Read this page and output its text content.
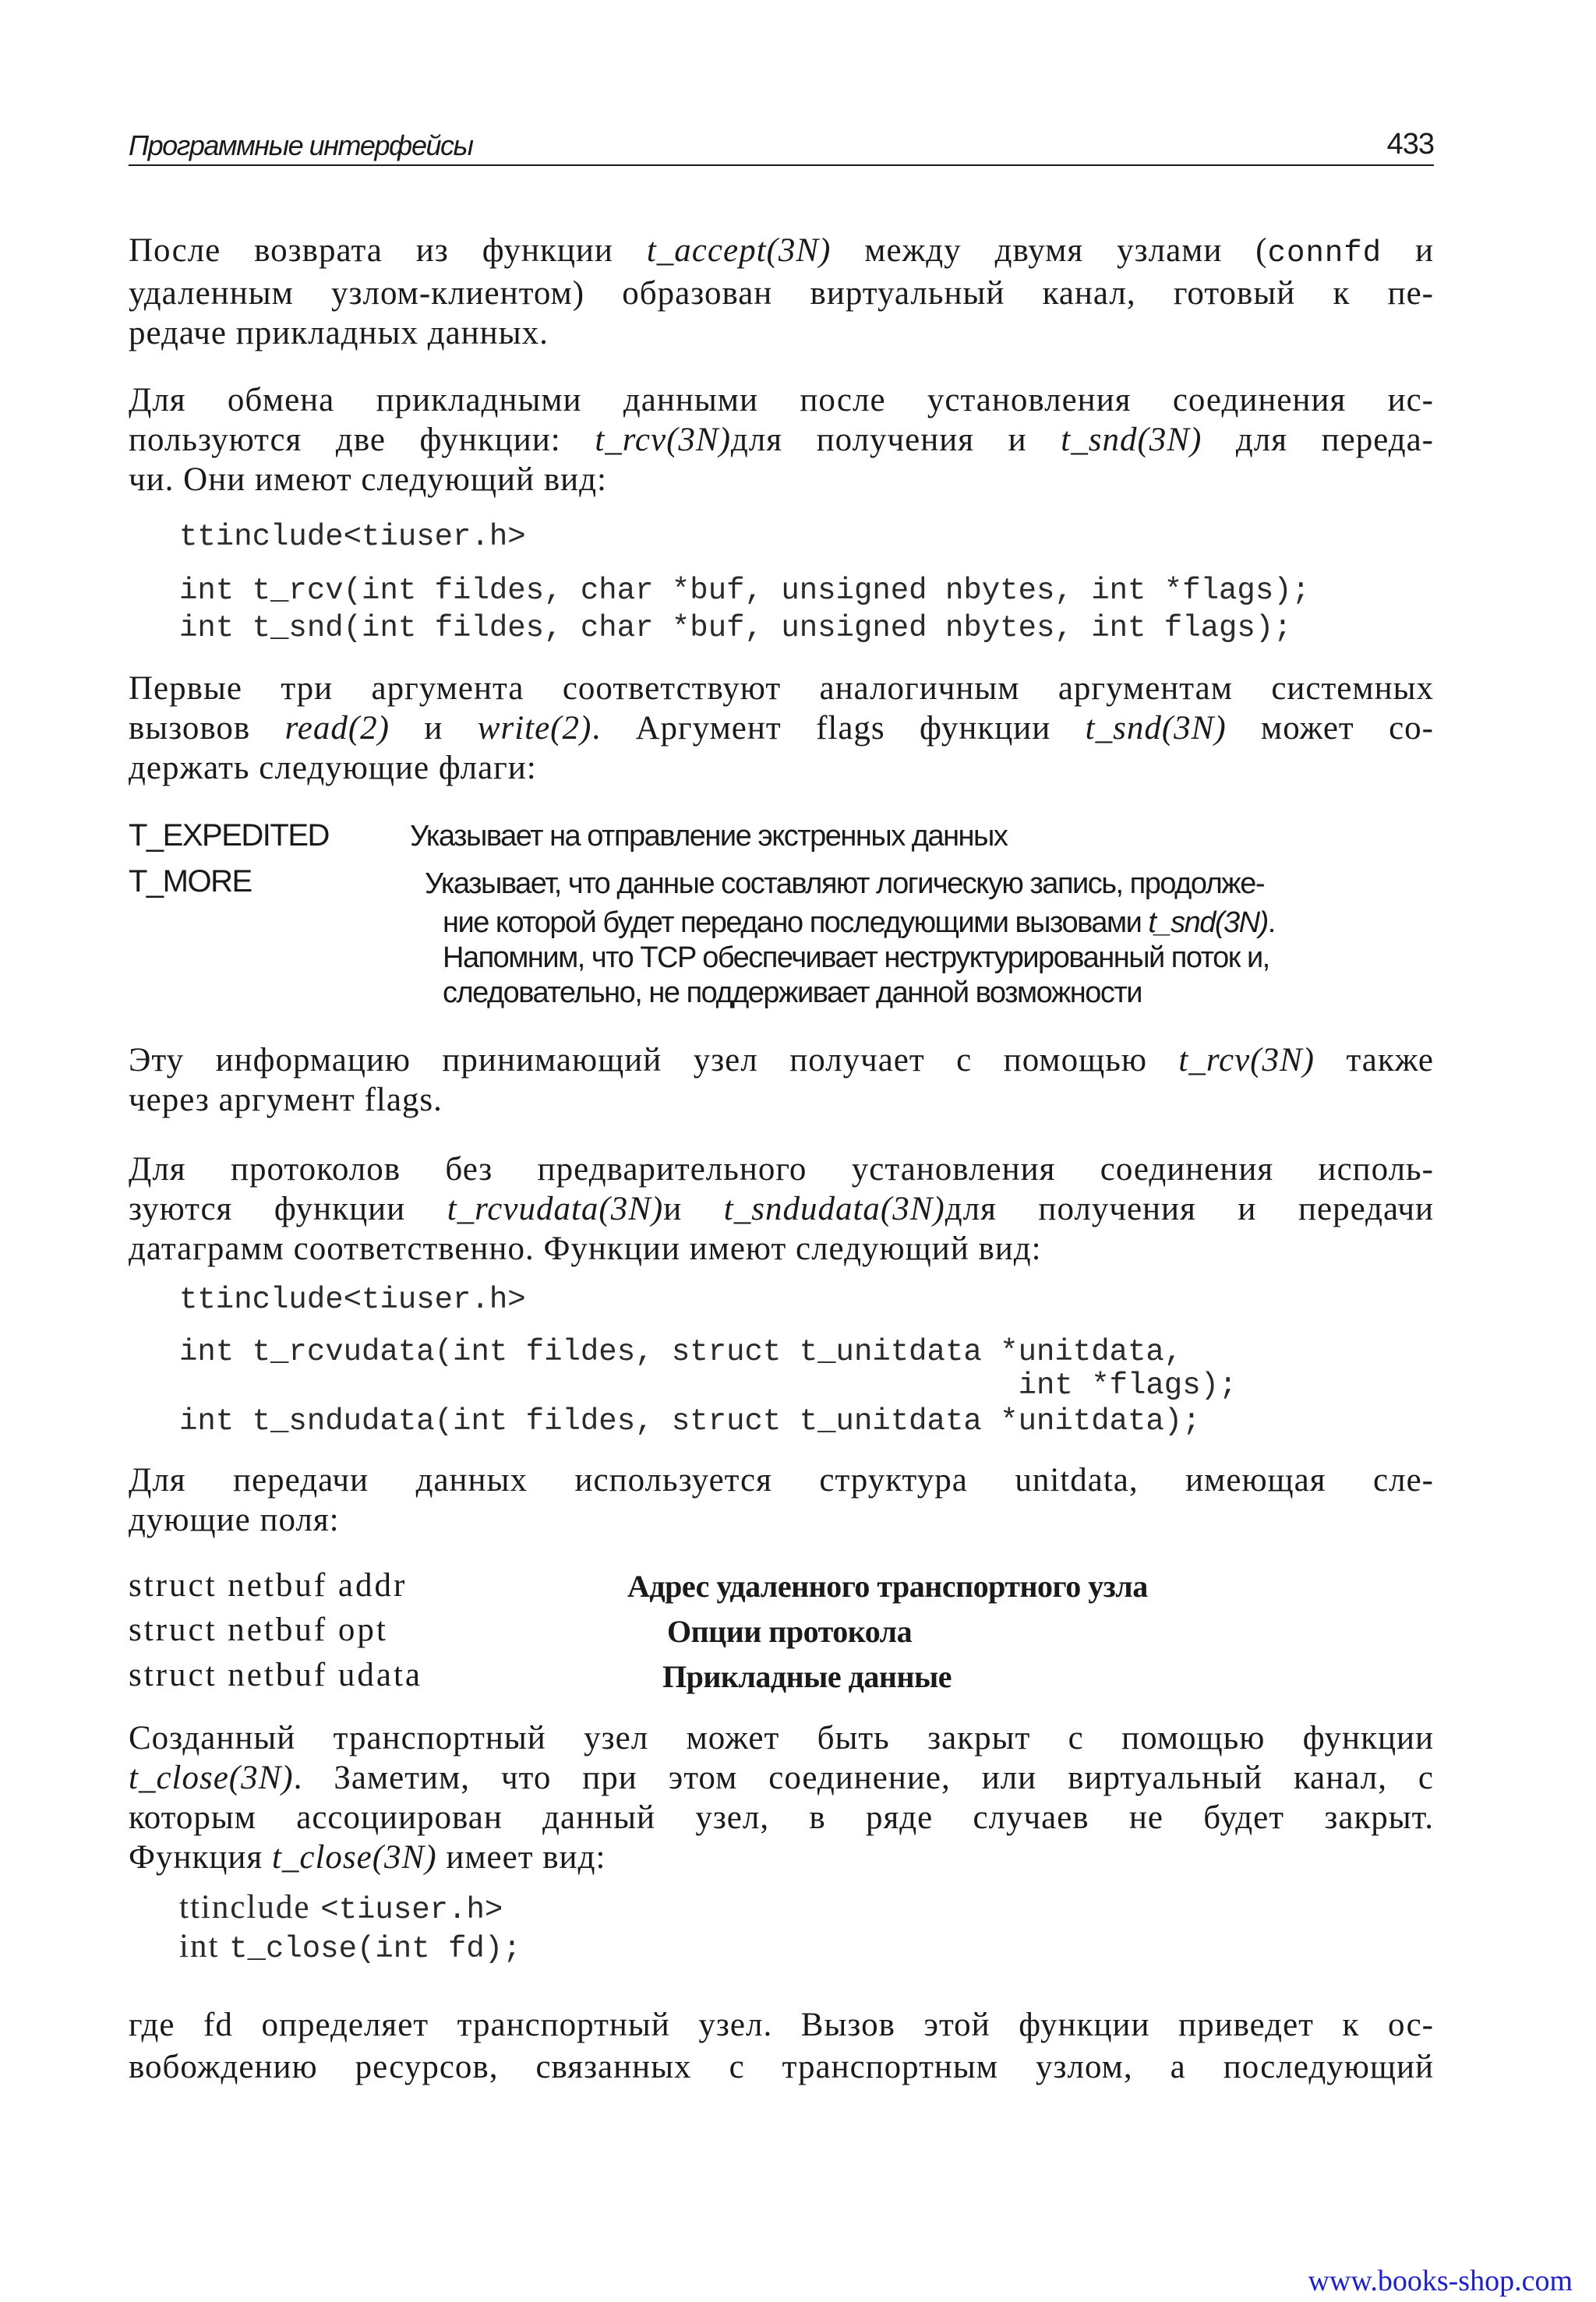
Программные интерфейсы	433
После возврата из функции t_accept(3N) между двумя узлами (connfd и
удаленным узлом-клиентом) образован виртуальный канал, готовый к пе-
редаче прикладных данных.
Для обмена прикладными данными после установления соединения ис-
пользуются две функции: t_rcv(3N)для получения и t_snd(3N) для переда-
чи. Они имеют следующий вид:
ttinclude<tiuser.h>
int t_rcv(int fildes, char *buf, unsigned nbytes, int *flags);
int t_snd(int fildes, char *buf, unsigned nbytes, int flags);
Первые три аргумента соответствуют аналогичным аргументам системных
вызовов read(2) и write(2). Аргумент flags функции t_snd(3N) может со-
держать следующие флаги:
T_EXPEDITED	Указывает на отправление экстренных данных
T_MORE	Указывает, что данные составляют логическую запись, продолже-
ние которой будет передано последующими вызовами t_snd(3N).
Напомним, что TCP обеспечивает неструктурированный поток и,
следовательно, не поддерживает данной возможности
Эту информацию принимающий узел получает с помощью t_rcv(3N) также
через аргумент flags.
Для протоколов без предварительного установления соединения исполь-
зуются функции t_rcvudata(3N)и t_sndudata(3N)для получения и передачи
датаграмм соответственно. Функции имеют следующий вид:
ttinclude<tiuser.h>
int t_rcvudata(int fildes, struct t_unitdata *unitdata,
int *flags);
int t_sndudata(int fildes, struct t_unitdata *unitdata);
Для передачи данных используется структура unitdata, имеющая сле-
дующие поля:
struct netbuf addr	Адрес удаленного транспортного узла
struct netbuf opt	Опции протокола
struct netbuf udata	Прикладные данные
Созданный транспортный узел может быть закрыт с помощью функции
t_close(3N). Заметим, что при этом соединение, или виртуальный канал, с
которым ассоциирован данный узел, в ряде случаев не будет закрыт.
Функция t_close(3N) имеет вид:
ttinclude <tiuser.h>
int t_close(int fd);
где fd определяет транспортный узел. Вызов этой функции приведет к ос-
вобождению ресурсов, связанных с транспортным узлом, а последующий
www.books-shop.com
